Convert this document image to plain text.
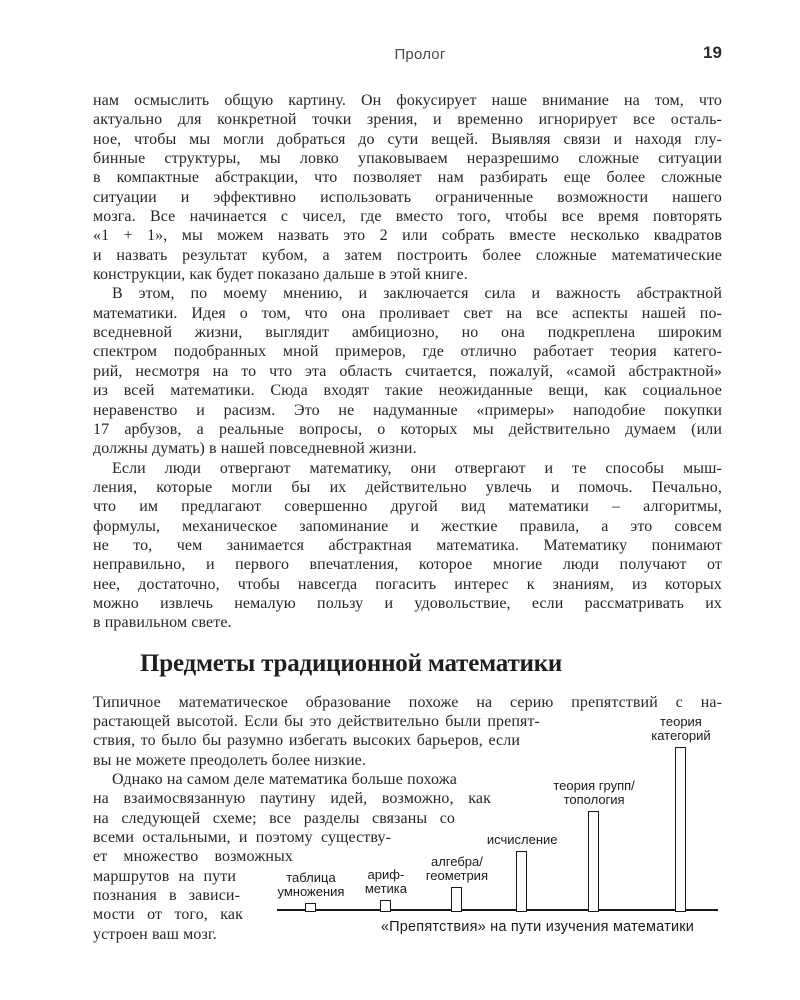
Пролог	19
нам осмыслить общую картину. Он фокусирует наше внимание на том, что
актуально для конкретной точки зрения, и временно игнорирует все осталь-
ное, чтобы мы могли добраться до сути вещей. Выявляя связи и находя глу-
бинные структуры, мы ловко упаковываем неразрешимо сложные ситуации
в компактные абстракции, что позволяет нам разбирать еще более сложные
ситуации и эффективно использовать ограниченные возможности нашего
мозга. Все начинается с чисел, где вместо того, чтобы все время повторять
«1 + 1», мы можем назвать это 2 или собрать вместе несколько квадратов
и назвать результат кубом, а затем построить более сложные математические
конструкции, как будет показано дальше в этой книге.
В этом, по моему мнению, и заключается сила и важность абстрактной
математики. Идея о том, что она проливает свет на все аспекты нашей по-
вседневной жизни, выглядит амбициозно, но она подкреплена широким
спектром подобранных мной примеров, где отлично работает теория катего-
рий, несмотря на то что эта область считается, пожалуй, «самой абстрактной»
из всей математики. Сюда входят такие неожиданные вещи, как социальное
неравенство и расизм. Это не надуманные «примеры» наподобие покупки
17 арбузов, а реальные вопросы, о которых мы действительно думаем (или
должны думать) в нашей повседневной жизни.
Если люди отвергают математику, они отвергают и те способы мыш-
ления, которые могли бы их действительно увлечь и помочь. Печально,
что им предлагают совершенно другой вид математики – алгоритмы,
формулы, механическое запоминание и жесткие правила, а это совсем
не то, чем занимается абстрактная математика. Математику понимают
неправильно, и первого впечатления, которое многие люди получают от
нее, достаточно, чтобы навсегда погасить интерес к знаниям, из которых
можно извлечь немалую пользу и удовольствие, если рассматривать их
в правильном свете.
Предметы традиционной математики
Типичное математическое образование похоже на серию препятствий с на-
растающей высотой. Если бы это действительно были препят-
ствия, то было бы разумно избегать высоких барьеров, если
вы не можете преодолеть более низкие.
Однако на самом деле математика больше похожа
на взаимосвязанную паутину идей, возможно, как
на следующей схеме; все разделы связаны со
всеми остальными, и поэтому существу-
ет множество возможных
маршрутов на пути
познания в зависи-
мости от того, как
устроен ваш мозг.	«Препятствия» на пути изучения математики
таблица
умножения
ариф-
метика
алгебра/
геометрия
исчисление
теория групп/
топология
теория
категорий
